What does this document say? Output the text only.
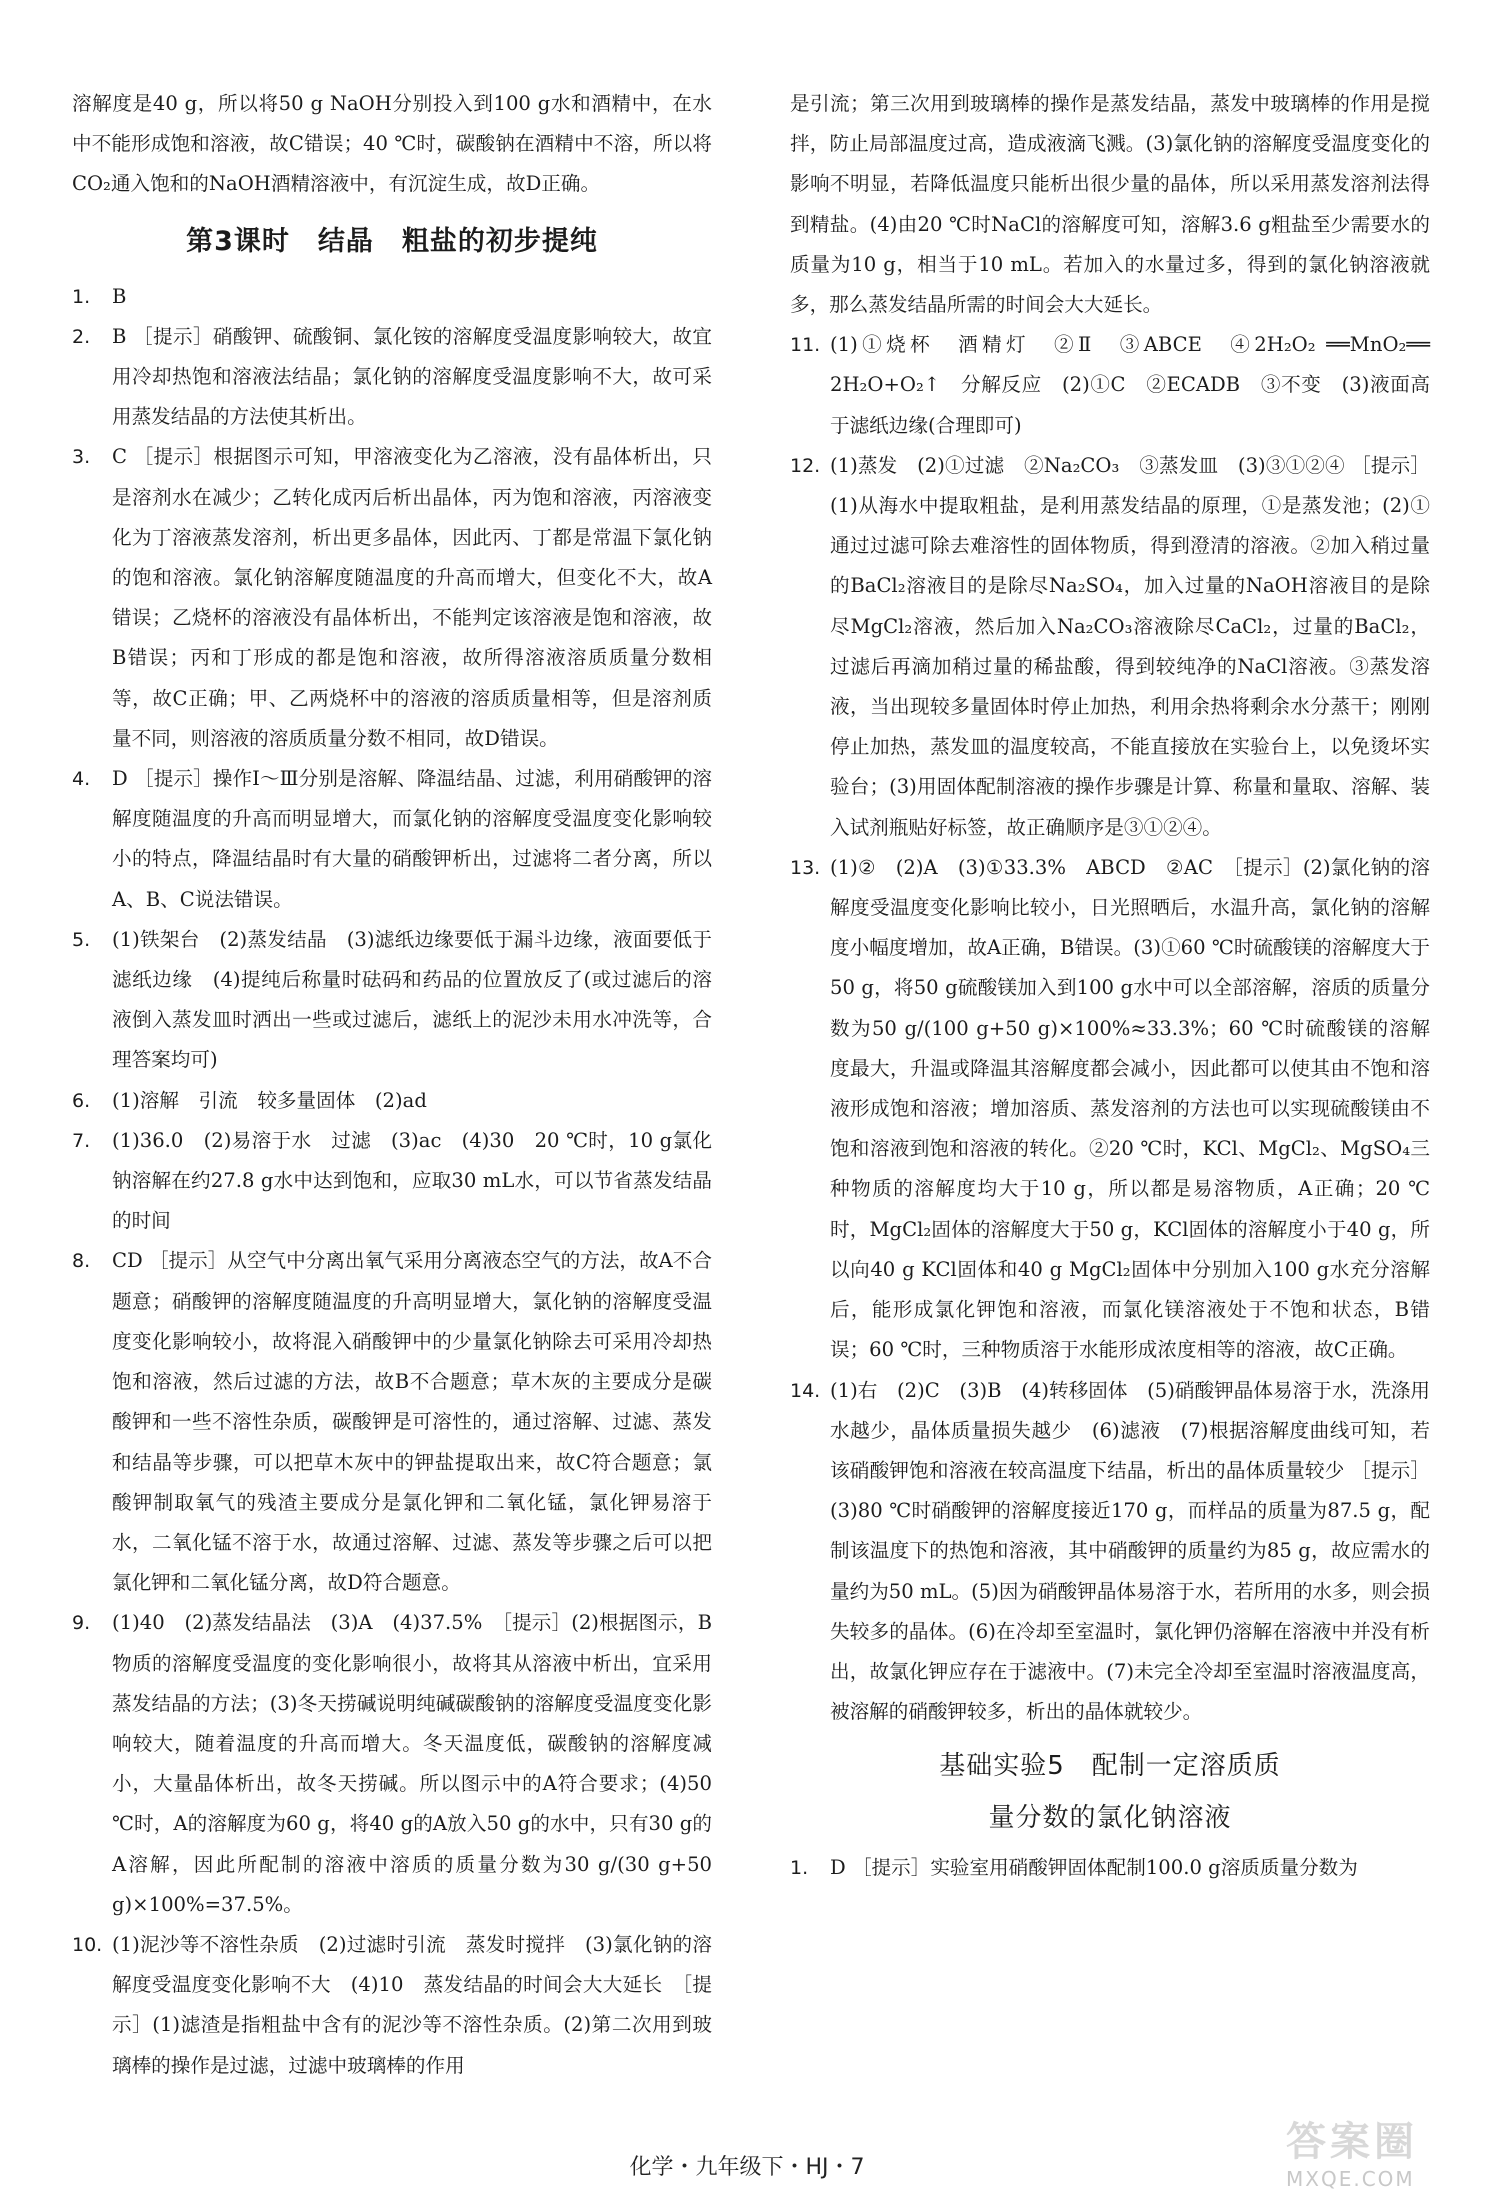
溶解度是40 g，所以将50 g NaOH分别投入到100 g水和酒精中，在水中不能形成饱和溶液，故C错误；40 ℃时，碳酸钠在酒精中不溶，所以将CO₂通入饱和的NaOH酒精溶液中，有沉淀生成，故D正确。

第3课时　结晶　粗盐的初步提纯
1. B
2. B ［提示］硝酸钾、硫酸铜、氯化铵的溶解度受温度影响较大，故宜用冷却热饱和溶液法结晶；氯化钠的溶解度受温度影响不大，故可采用蒸发结晶的方法使其析出。
3. C ［提示］根据图示可知，甲溶液变化为乙溶液，没有晶体析出，只是溶剂水在减少；乙转化成丙后析出晶体，丙为饱和溶液，丙溶液变化为丁溶液蒸发溶剂，析出更多晶体，因此丙、丁都是常温下氯化钠的饱和溶液。氯化钠溶解度随温度的升高而增大，但变化不大，故A错误；乙烧杯的溶液没有晶体析出，不能判定该溶液是饱和溶液，故B错误；丙和丁形成的都是饱和溶液，故所得溶液溶质质量分数相等，故C正确；甲、乙两烧杯中的溶液的溶质质量相等，但是溶剂质量不同，则溶液的溶质质量分数不相同，故D错误。
4. D ［提示］操作Ⅰ～Ⅲ分别是溶解、降温结晶、过滤，利用硝酸钾的溶解度随温度的升高而明显增大，而氯化钠的溶解度受温度变化影响较小的特点，降温结晶时有大量的硝酸钾析出，过滤将二者分离，所以A、B、C说法错误。
5. (1)铁架台　(2)蒸发结晶　(3)滤纸边缘要低于漏斗边缘，液面要低于滤纸边缘　(4)提纯后称量时砝码和药品的位置放反了(或过滤后的溶液倒入蒸发皿时洒出一些或过滤后，滤纸上的泥沙未用水冲洗等，合理答案均可)
6. (1)溶解　引流　较多量固体　(2)ad
7. (1)36.0　(2)易溶于水　过滤　(3)ac　(4)30　20 ℃时，10 g氯化钠溶解在约27.8 g水中达到饱和，应取30 mL水，可以节省蒸发结晶的时间
8. CD ［提示］从空气中分离出氧气采用分离液态空气的方法，故A不合题意；硝酸钾的溶解度随温度的升高明显增大，氯化钠的溶解度受温度变化影响较小，故将混入硝酸钾中的少量氯化钠除去可采用冷却热饱和溶液，然后过滤的方法，故B不合题意；草木灰的主要成分是碳酸钾和一些不溶性杂质，碳酸钾是可溶性的，通过溶解、过滤、蒸发和结晶等步骤，可以把草木灰中的钾盐提取出来，故C符合题意；氯酸钾制取氧气的残渣主要成分是氯化钾和二氧化锰，氯化钾易溶于水，二氧化锰不溶于水，故通过溶解、过滤、蒸发等步骤之后可以把氯化钾和二氧化锰分离，故D符合题意。
9. (1)40　(2)蒸发结晶法　(3)A　(4)37.5%　［提示］(2)根据图示，B物质的溶解度受温度的变化影响很小，故将其从溶液中析出，宜采用蒸发结晶的方法；(3)冬天捞碱说明纯碱碳酸钠的溶解度受温度变化影响较大，随着温度的升高而增大。冬天温度低，碳酸钠的溶解度减小，大量晶体析出，故冬天捞碱。所以图示中的A符合要求；(4)50 ℃时，A的溶解度为60 g，将40 g的A放入50 g的水中，只有30 g的A溶解，因此所配制的溶液中溶质的质量分数为30 g/(30 g+50 g)×100%=37.5%。
10. (1)泥沙等不溶性杂质　(2)过滤时引流　蒸发时搅拌　(3)氯化钠的溶解度受温度变化影响不大　(4)10　蒸发结晶的时间会大大延长　［提示］(1)滤渣是指粗盐中含有的泥沙等不溶性杂质。(2)第二次用到玻璃棒的操作是过滤，过滤中玻璃棒的作用

是引流；第三次用到玻璃棒的操作是蒸发结晶，蒸发中玻璃棒的作用是搅拌，防止局部温度过高，造成液滴飞溅。(3)氯化钠的溶解度受温度变化的影响不明显，若降低温度只能析出很少量的晶体，所以采用蒸发溶剂法得到精盐。(4)由20 ℃时NaCl的溶解度可知，溶解3.6 g粗盐至少需要水的质量为10 g，相当于10 mL。若加入的水量过多，得到的氯化钠溶液就多，那么蒸发结晶所需的时间会大大延长。

11. (1)①烧杯　酒精灯　②Ⅱ　③ABCE　④2H₂O₂ ══MnO₂══ 2H₂O+O₂↑　分解反应　(2)①C　②ECADB　③不变　(3)液面高于滤纸边缘(合理即可)
12. (1)蒸发　(2)①过滤　②Na₂CO₃　③蒸发皿　(3)③①②④ ［提示］(1)从海水中提取粗盐，是利用蒸发结晶的原理，①是蒸发池；(2)①通过过滤可除去难溶性的固体物质，得到澄清的溶液。②加入稍过量的BaCl₂溶液目的是除尽Na₂SO₄，加入过量的NaOH溶液目的是除尽MgCl₂溶液，然后加入Na₂CO₃溶液除尽CaCl₂，过量的BaCl₂，过滤后再滴加稍过量的稀盐酸，得到较纯净的NaCl溶液。③蒸发溶液，当出现较多量固体时停止加热，利用余热将剩余水分蒸干；刚刚停止加热，蒸发皿的温度较高，不能直接放在实验台上，以免烫坏实验台；(3)用固体配制溶液的操作步骤是计算、称量和量取、溶解、装入试剂瓶贴好标签，故正确顺序是③①②④。
13. (1)②　(2)A　(3)①33.3%　ABCD　②AC　［提示］(2)氯化钠的溶解度受温度变化影响比较小，日光照晒后，水温升高，氯化钠的溶解度小幅度增加，故A正确，B错误。(3)①60 ℃时硫酸镁的溶解度大于50 g，将50 g硫酸镁加入到100 g水中可以全部溶解，溶质的质量分数为50 g/(100 g+50 g)×100%≈33.3%；60 ℃时硫酸镁的溶解度最大，升温或降温其溶解度都会减小，因此都可以使其由不饱和溶液形成饱和溶液；增加溶质、蒸发溶剂的方法也可以实现硫酸镁由不饱和溶液到饱和溶液的转化。②20 ℃时，KCl、MgCl₂、MgSO₄三种物质的溶解度均大于10 g，所以都是易溶物质，A正确；20 ℃时，MgCl₂固体的溶解度大于50 g，KCl固体的溶解度小于40 g，所以向40 g KCl固体和40 g MgCl₂固体中分别加入100 g水充分溶解后，能形成氯化钾饱和溶液，而氯化镁溶液处于不饱和状态，B错误；60 ℃时，三种物质溶于水能形成浓度相等的溶液，故C正确。
14. (1)右　(2)C　(3)B　(4)转移固体　(5)硝酸钾晶体易溶于水，洗涤用水越少，晶体质量损失越少　(6)滤液　(7)根据溶解度曲线可知，若该硝酸钾饱和溶液在较高温度下结晶，析出的晶体质量较少 ［提示］(3)80 ℃时硝酸钾的溶解度接近170 g，而样品的质量为87.5 g，配制该温度下的热饱和溶液，其中硝酸钾的质量约为85 g，故应需水的量约为50 mL。(5)因为硝酸钾晶体易溶于水，若所用的水多，则会损失较多的晶体。(6)在冷却至室温时，氯化钾仍溶解在溶液中并没有析出，故氯化钾应存在于滤液中。(7)未完全冷却至室温时溶液温度高，被溶解的硝酸钾较多，析出的晶体就较少。
基础实验5　配制一定溶质质
量分数的氯化钠溶液
1. D ［提示］实验室用硝酸钾固体配制100.0 g溶质质量分数为
化学・九年级下・HJ・7
答案圈
MXQE.COM
